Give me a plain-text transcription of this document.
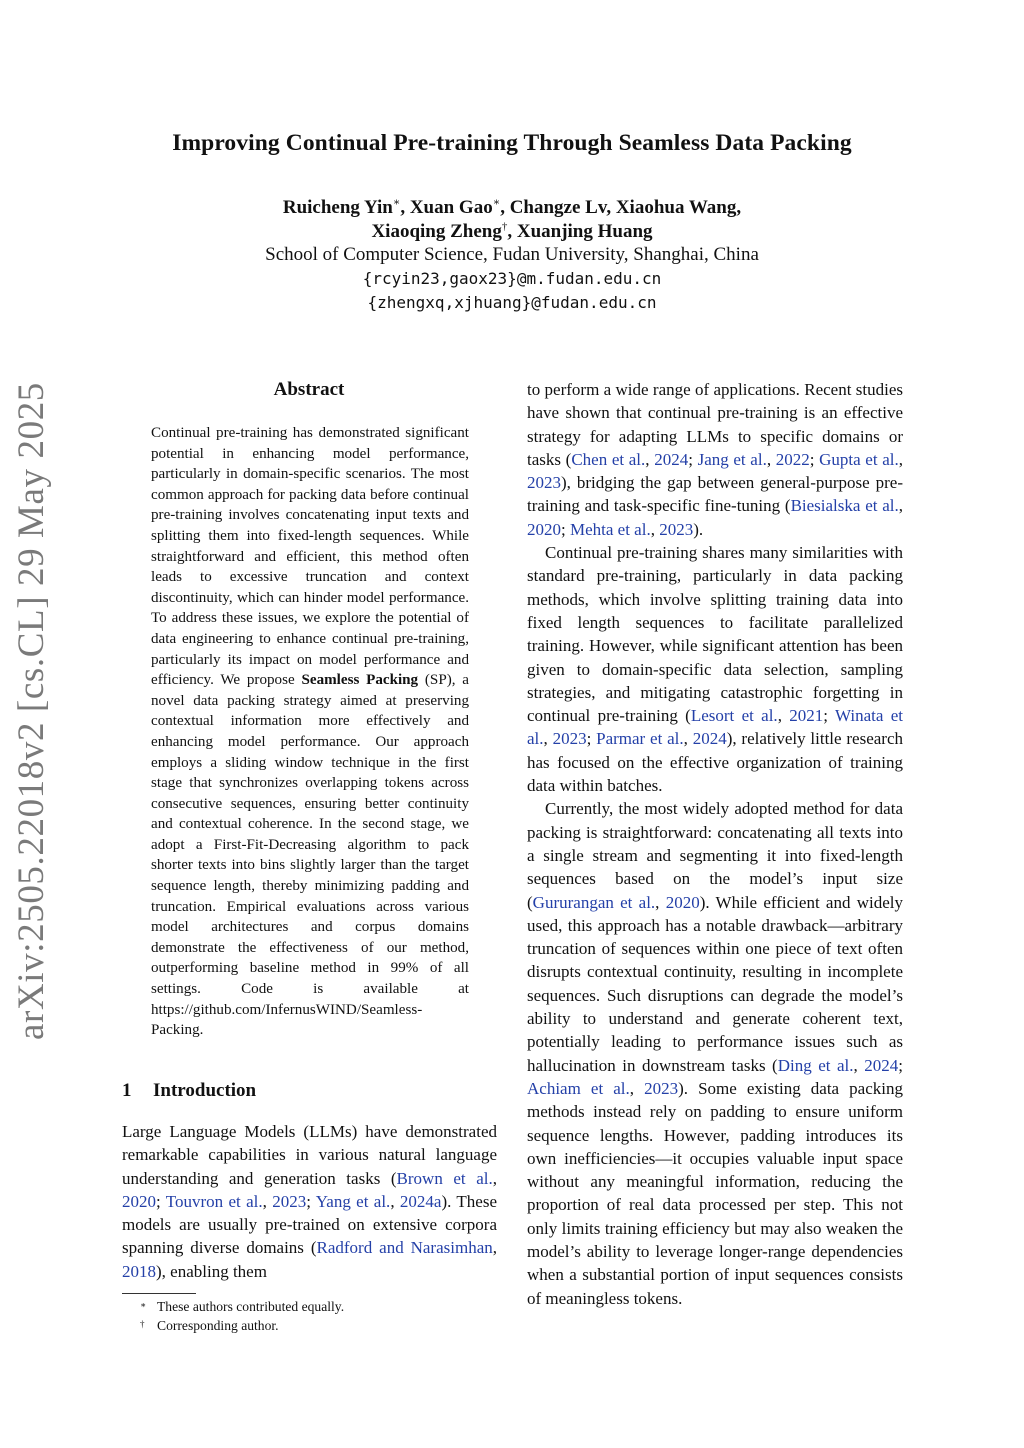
arXiv:2505.22018v2 [cs.CL] 29 May 2025
Improving Continual Pre-training Through Seamless Data Packing
Ruicheng Yin∗, Xuan Gao∗, Changze Lv, Xiaohua Wang,
Xiaoqing Zheng†, Xuanjing Huang
School of Computer Science, Fudan University, Shanghai, China
{rcyin23,gaox23}@m.fudan.edu.cn
{zhengxq,xjhuang}@fudan.edu.cn
Abstract

Continual pre-training has demonstrated significant potential in enhancing model performance, particularly in domain-specific scenarios. The most common approach for packing data before continual pre-training involves concatenating input texts and splitting them into fixed-length sequences. While straightforward and efficient, this method often leads to excessive truncation and context discontinuity, which can hinder model performance. To address these issues, we explore the potential of data engineering to enhance continual pre-training, particularly its impact on model performance and efficiency. We propose Seamless Packing (SP), a novel data packing strategy aimed at preserving contextual information more effectively and enhancing model performance. Our approach employs a sliding window technique in the first stage that synchronizes overlapping tokens across consecutive sequences, ensuring better continuity and contextual coherence. In the second stage, we adopt a First-Fit-Decreasing algorithm to pack shorter texts into bins slightly larger than the target sequence length, thereby minimizing padding and truncation. Empirical evaluations across various model architectures and corpus domains demonstrate the effectiveness of our method, outperforming baseline method in 99% of all settings. Code is available at https://github.com/InfernusWIND/Seamless-Packing.

1 Introduction

Large Language Models (LLMs) have demonstrated remarkable capabilities in various natural language understanding and generation tasks (Brown et al., 2020; Touvron et al., 2023; Yang et al., 2024a). These models are usually pre-trained on extensive corpora spanning diverse domains (Radford and Narasimhan, 2018), enabling them

∗ These authors contributed equally.
† Corresponding author.

to perform a wide range of applications. Recent studies have shown that continual pre-training is an effective strategy for adapting LLMs to specific domains or tasks (Chen et al., 2024; Jang et al., 2022; Gupta et al., 2023), bridging the gap between general-purpose pre-training and task-specific fine-tuning (Biesialska et al., 2020; Mehta et al., 2023).

Continual pre-training shares many similarities with standard pre-training, particularly in data packing methods, which involve splitting training data into fixed length sequences to facilitate parallelized training. However, while significant attention has been given to domain-specific data selection, sampling strategies, and mitigating catastrophic forgetting in continual pre-training (Lesort et al., 2021; Winata et al., 2023; Parmar et al., 2024), relatively little research has focused on the effective organization of training data within batches.

Currently, the most widely adopted method for data packing is straightforward: concatenating all texts into a single stream and segmenting it into fixed-length sequences based on the model’s input size (Gururangan et al., 2020). While efficient and widely used, this approach has a notable drawback—arbitrary truncation of sequences within one piece of text often disrupts contextual continuity, resulting in incomplete sequences. Such disruptions can degrade the model’s ability to understand and generate coherent text, potentially leading to performance issues such as hallucination in downstream tasks (Ding et al., 2024; Achiam et al., 2023). Some existing data packing methods instead rely on padding to ensure uniform sequence lengths. However, padding introduces its own inefficiencies—it occupies valuable input space without any meaningful information, reducing the proportion of real data processed per step. This not only limits training efficiency but may also weaken the model’s ability to leverage longer-range dependencies when a substantial portion of input sequences consists of meaningless tokens.
